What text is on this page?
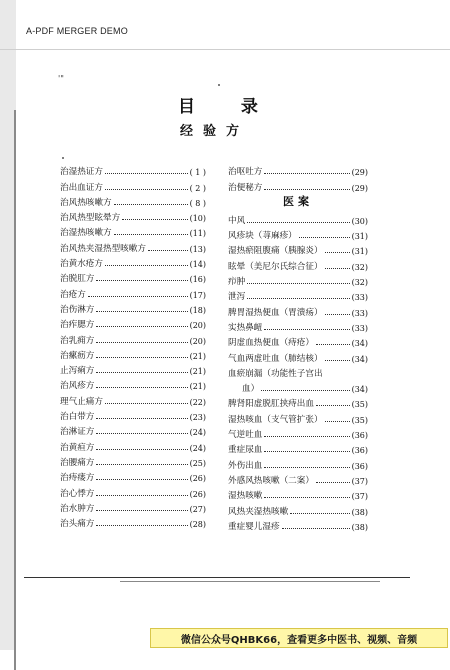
A-PDF MERGER DEMO
'"
目 录
经验方
治湿热证方	( 1 )
治出血证方	( 2 )
治风热咳嗽方	( 8 )
治风热型眩晕方	(10)
治湿热咳嗽方	(11)
治风热夹湿热型咳嗽方	(13)
治黄水疮方	(14)
治脱肛方	(16)
治疮方	(17)
治伤淋方	(18)
治痄腮方	(20)
治乳痈方	(20)
治瘰疬方	(21)
止泻痢方	(21)
治风疹方	(21)
理气止痛方	(22)
治白带方	(23)
治淋证方	(24)
治黄疸方	(24)
治腰痛方	(25)
治痔瘘方	(26)
治心悸方	(26)
治水肿方	(27)
治头痛方	(28)
治呕吐方	(29)
治便秘方	(29)
医案
中风	(30)
风疹块（荨麻疹）	(31)
湿热瘀阻腹痛（胰腺炎）	(31)
眩晕（美尼尔氏综合征）	(32)
疖肿	(32)
泄泻	(33)
脾胃湿热便血（胃溃疡）	(33)
实热鼻衄	(33)
阴虚血热便血（痔疮）	(34)
气血两虚吐血（肺结核）	(34)
血瘀崩漏（功能性子宫出
血）	(34)
脾肾阳虚脱肛挟痔出血	(35)
湿热咳血（支气管扩张）	(35)
气逆吐血	(36)
重症尿血	(36)
外伤出血	(36)
外感风热咳嗽（二案）	(37)
湿热咳嗽	(37)
风热夹湿热咳嗽	(38)
重症婴儿湿疹	(38)
微信公众号QHBK66，查看更多中医书、视频、音频
